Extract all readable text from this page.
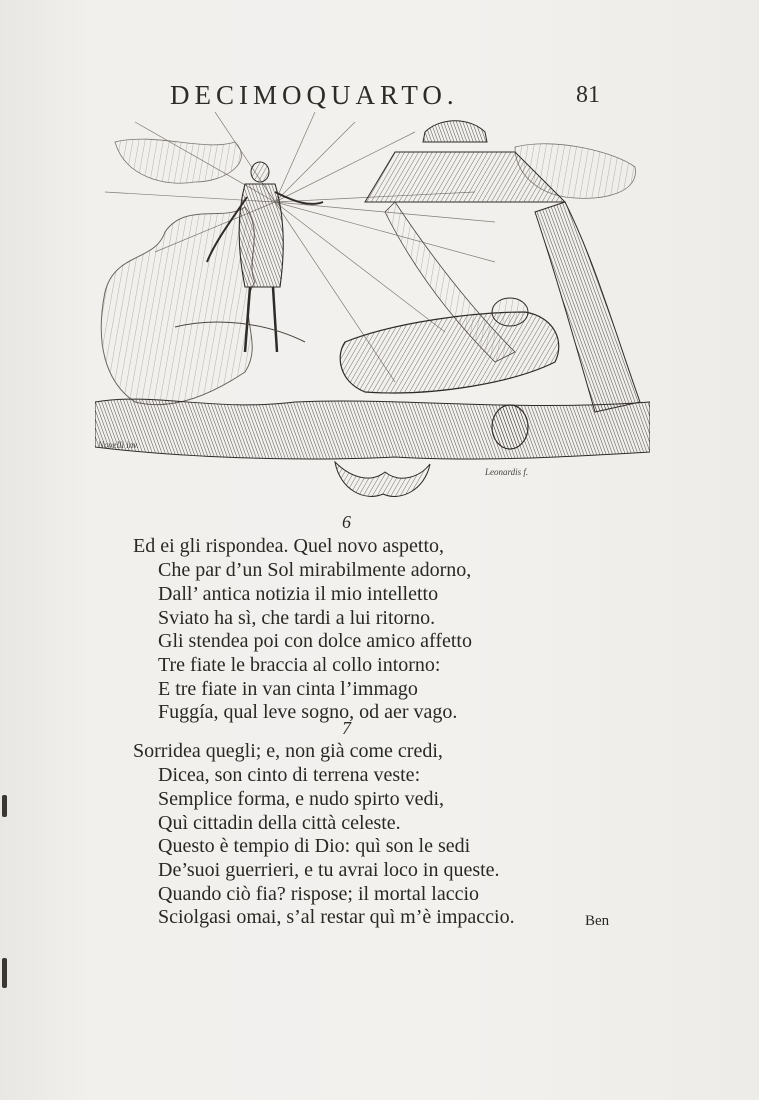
DECIMOQUARTO.	81
Novelli inv.
Leonardis f.
6
Ed ei gli rispondea. Quel novo aspetto,
Che par d’un Sol mirabilmente adorno,
Dall’ antica notizia il mio intelletto
Sviato ha sì, che tardi a lui ritorno.
Gli stendea poi con dolce amico affetto
Tre fiate le braccia al collo intorno:
E tre fiate in van cinta l’immago
Fuggía, qual leve sogno, od aer vago.
7
Sorridea quegli; e, non già come credi,
Dicea, son cinto di terrena veste:
Semplice forma, e nudo spirto vedi,
Quì cittadin della città celeste.
Questo è tempio di Dio: quì son le sedi
De’suoi guerrieri, e tu avrai loco in queste.
Quando ciò fia? rispose; il mortal laccio
Sciolgasi omai, s’al restar quì m’è impaccio.	Ben
